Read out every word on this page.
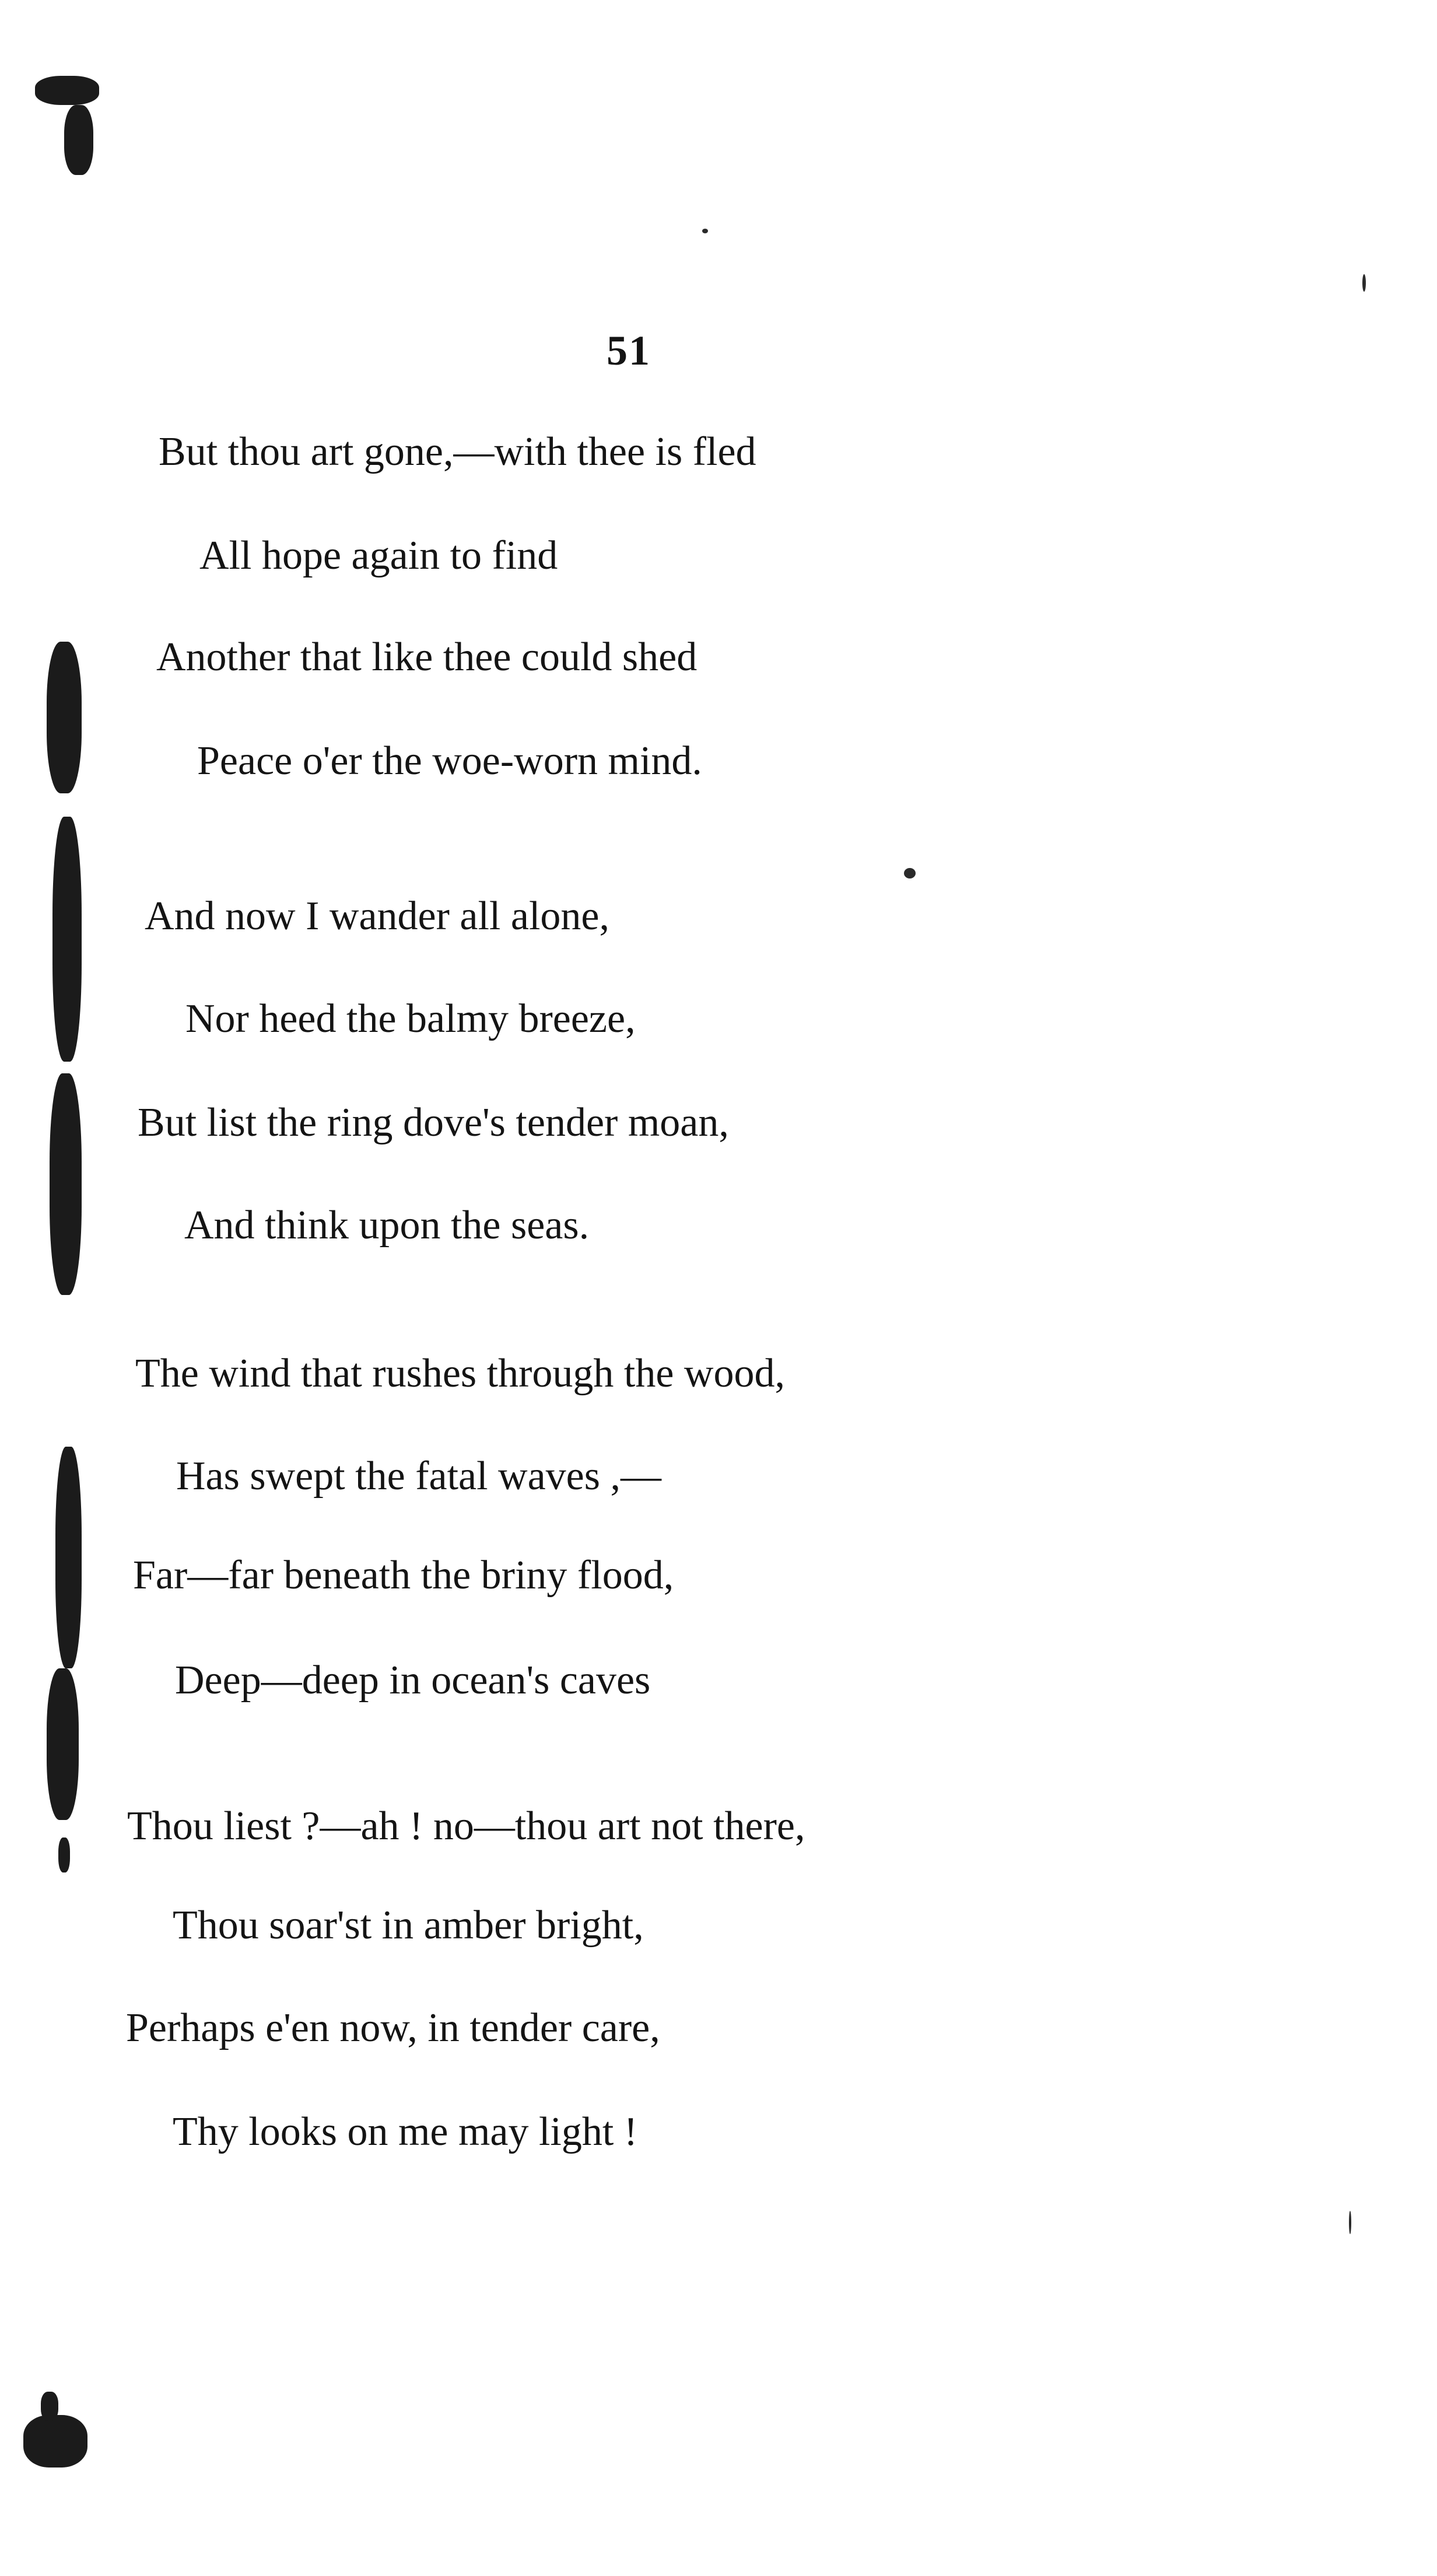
51
But thou art gone,—with thee is fled
All hope again to find
Another that like thee could shed
Peace o'er the woe-worn mind.
And now I wander all alone,
Nor heed the balmy breeze,
But list the ring dove's tender moan,
And think upon the seas.
The wind that rushes through the wood,
Has swept the fatal waves ,—
Far—far beneath the briny flood,
Deep—deep in ocean's caves
Thou liest ?—ah ! no—thou art not there,
Thou soar'st in amber bright,
Perhaps e'en now, in tender care,
Thy looks on me may light !
